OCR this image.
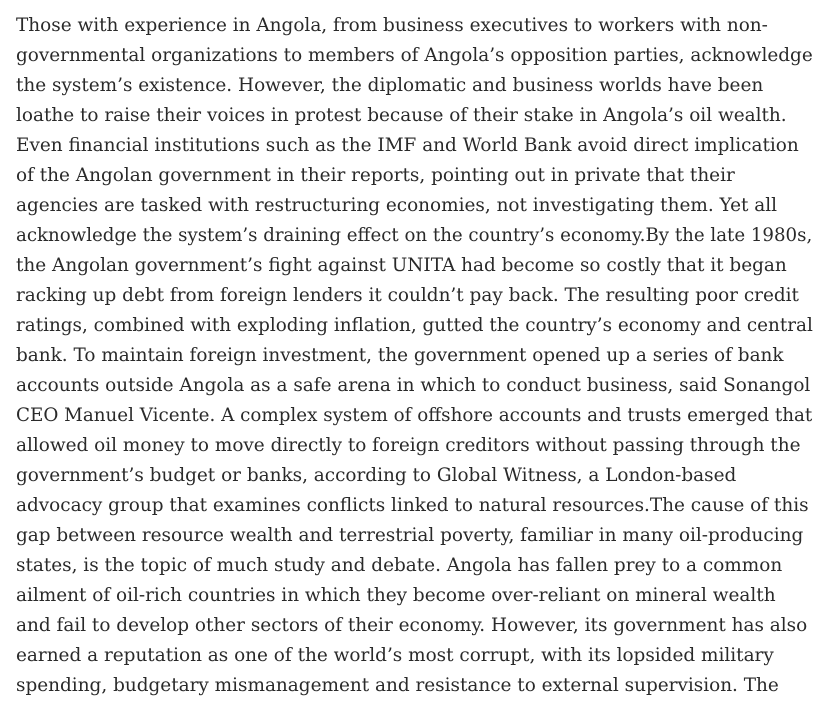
Those with experience in Angola, from business executives to workers with non-
governmental organizations to members of Angola’s opposition parties, acknowledge
the system’s existence. However, the diplomatic and business worlds have been
loathe to raise their voices in protest because of their stake in Angola’s oil wealth.
Even financial institutions such as the IMF and World Bank avoid direct implication
of the Angolan government in their reports, pointing out in private that their
agencies are tasked with restructuring economies, not investigating them. Yet all
acknowledge the system’s draining effect on the country’s economy.By the late 1980s,
the Angolan government’s fight against UNITA had become so costly that it began
racking up debt from foreign lenders it couldn’t pay back. The resulting poor credit
ratings, combined with exploding inflation, gutted the country’s economy and central
bank. To maintain foreign investment, the government opened up a series of bank
accounts outside Angola as a safe arena in which to conduct business, said Sonangol
CEO Manuel Vicente. A complex system of offshore accounts and trusts emerged that
allowed oil money to move directly to foreign creditors without passing through the
government’s budget or banks, according to Global Witness, a London-based
advocacy group that examines conflicts linked to natural resources.The cause of this
gap between resource wealth and terrestrial poverty, familiar in many oil-producing
states, is the topic of much study and debate. Angola has fallen prey to a common
ailment of oil-rich countries in which they become over-reliant on mineral wealth
and fail to develop other sectors of their economy. However, its government has also
earned a reputation as one of the world’s most corrupt, with its lopsided military
spending, budgetary mismanagement and resistance to external supervision. The
